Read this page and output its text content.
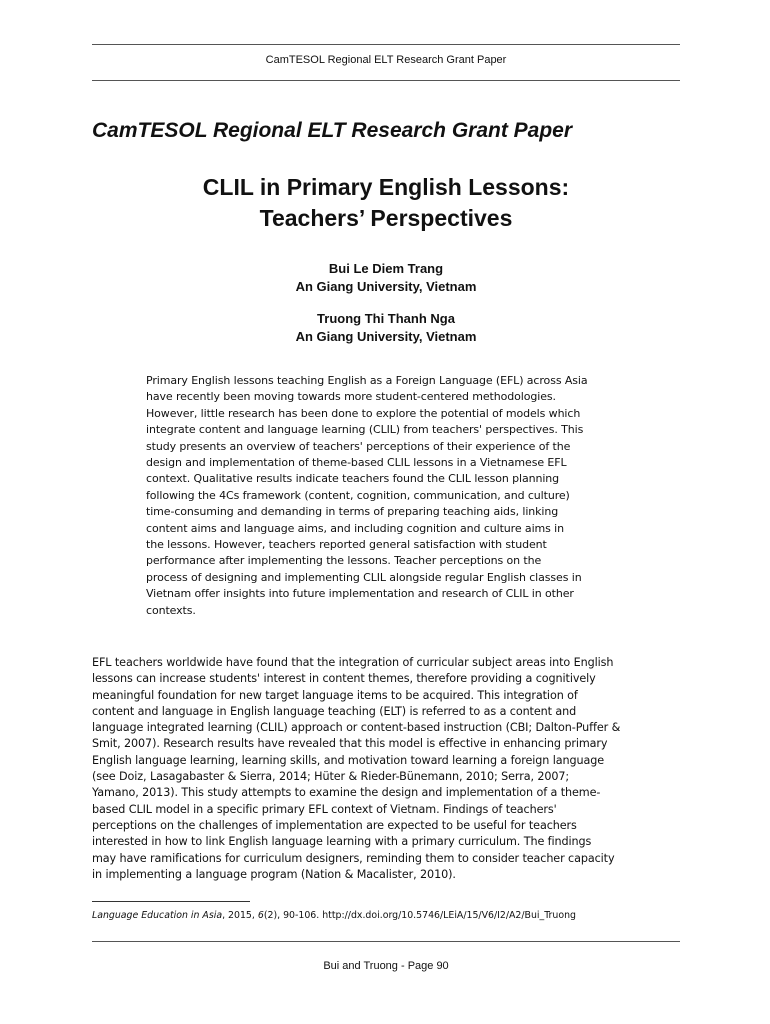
CamTESOL Regional ELT Research Grant Paper
CamTESOL Regional ELT Research Grant Paper
CLIL in Primary English Lessons:
Teachers’ Perspectives
Bui Le Diem Trang
An Giang University, Vietnam
Truong Thi Thanh Nga
An Giang University, Vietnam
Primary English lessons teaching English as a Foreign Language (EFL) across Asia
have recently been moving towards more student-centered methodologies.
However, little research has been done to explore the potential of models which
integrate content and language learning (CLIL) from teachers' perspectives. This
study presents an overview of teachers' perceptions of their experience of the
design and implementation of theme-based CLIL lessons in a Vietnamese EFL
context. Qualitative results indicate teachers found the CLIL lesson planning
following the 4Cs framework (content, cognition, communication, and culture)
time-consuming and demanding in terms of preparing teaching aids, linking
content aims and language aims, and including cognition and culture aims in
the lessons. However, teachers reported general satisfaction with student
performance after implementing the lessons. Teacher perceptions on the
process of designing and implementing CLIL alongside regular English classes in
Vietnam offer insights into future implementation and research of CLIL in other
contexts.
EFL teachers worldwide have found that the integration of curricular subject areas into English
lessons can increase students' interest in content themes, therefore providing a cognitively
meaningful foundation for new target language items to be acquired. This integration of
content and language in English language teaching (ELT) is referred to as a content and
language integrated learning (CLIL) approach or content-based instruction (CBI; Dalton-Puffer &
Smit, 2007). Research results have revealed that this model is effective in enhancing primary
English language learning, learning skills, and motivation toward learning a foreign language
(see Doiz, Lasagabaster & Sierra, 2014; Hüter & Rieder-Bünemann, 2010; Serra, 2007;
Yamano, 2013). This study attempts to examine the design and implementation of a theme-
based CLIL model in a specific primary EFL context of Vietnam. Findings of teachers'
perceptions on the challenges of implementation are expected to be useful for teachers
interested in how to link English language learning with a primary curriculum. The findings
may have ramifications for curriculum designers, reminding them to consider teacher capacity
in implementing a language program (Nation & Macalister, 2010).
Language Education in Asia, 2015, 6(2), 90-106. http://dx.doi.org/10.5746/LEiA/15/V6/I2/A2/Bui_Truong
Bui and Truong - Page 90
